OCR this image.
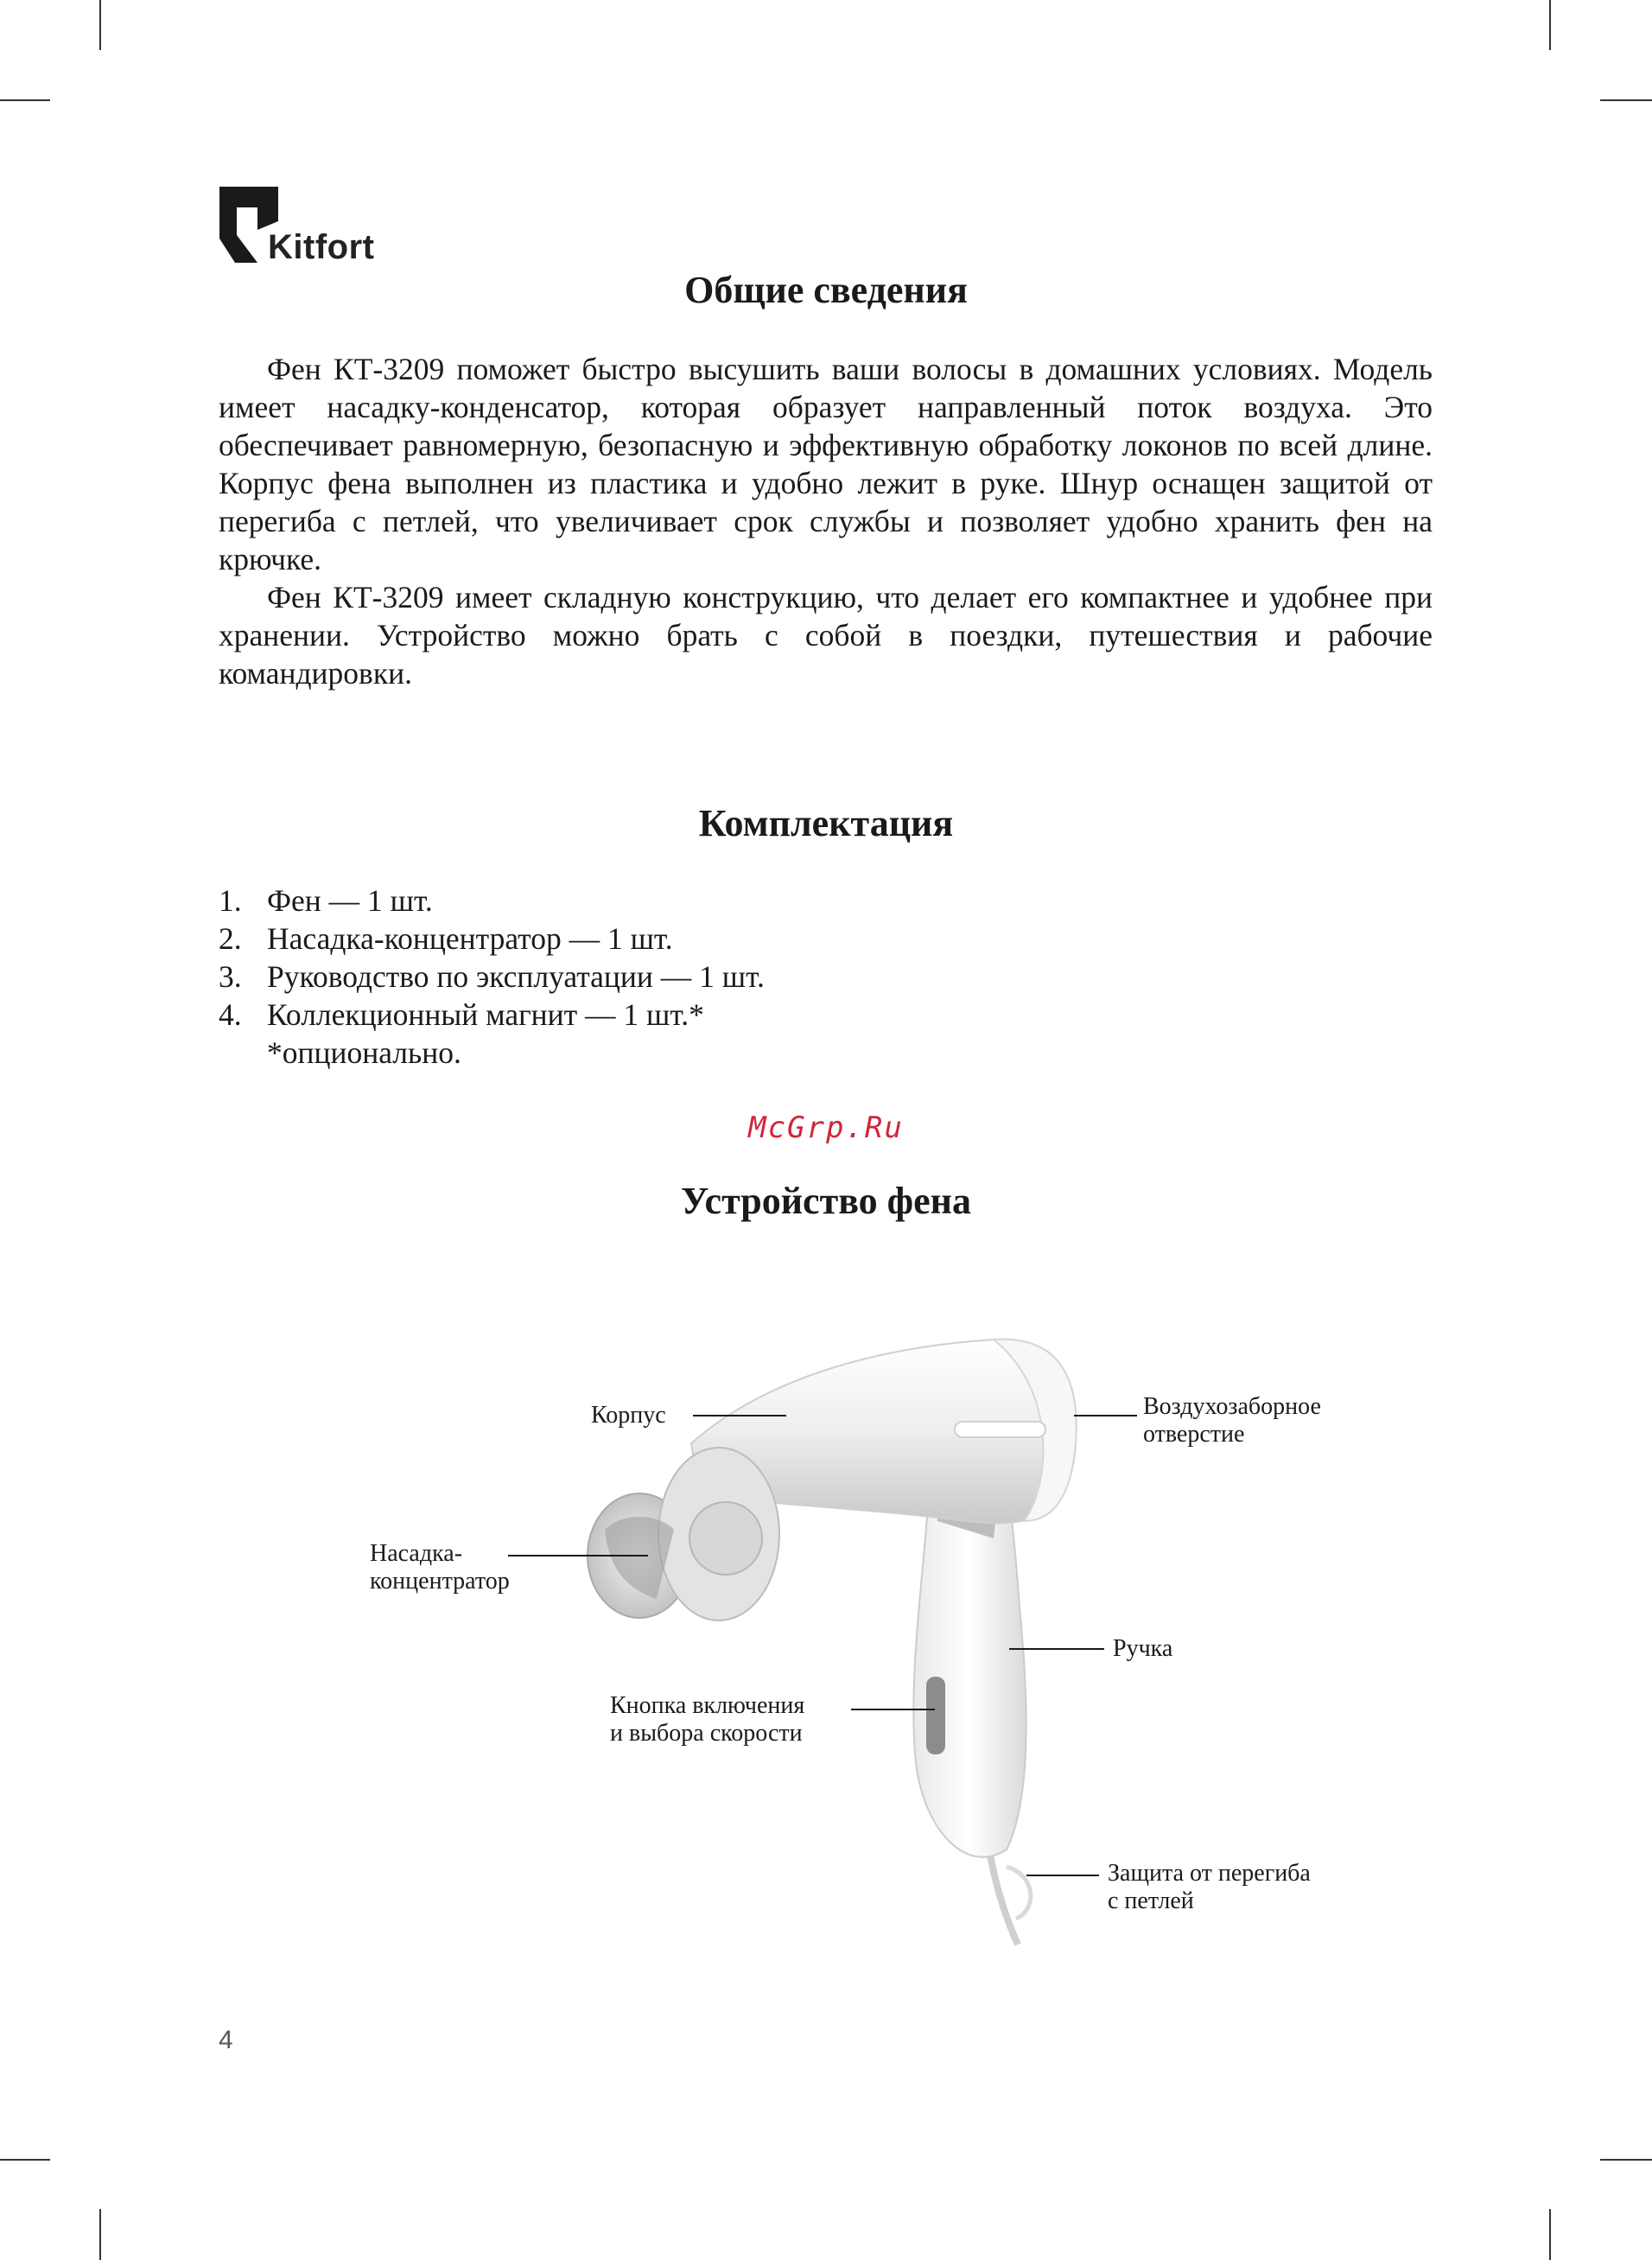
Kitfort
Общие сведения

Фен КТ-3209 поможет быстро высушить ваши волосы в домашних условиях. Модель имеет насадку-конденсатор, которая образует направленный поток воздуха. Это обеспечивает равномерную, безопасную и эффективную обработку локонов по всей длине. Корпус фена выполнен из пластика и удобно лежит в руке. Шнур оснащен защитой от перегиба с петлей, что увеличивает срок службы и позволяет удобно хранить фен на крючке.

Фен КТ-3209 имеет складную конструкцию, что делает его компактнее и удобнее при хранении. Устройство можно брать с собой в поездки, путешествия и рабочие командировки.

Комплектация
1. Фен — 1 шт.
2. Насадка-концентратор — 1 шт.
3. Руководство по эксплуатации — 1 шт.
4. Коллекционный магнит — 1 шт.*
*опционально.
McGrp.Ru
Устройство фена
Корпус	Воздухозаборное
отверстие
Насадка-
концентратор
Ручка
Кнопка включения
и выбора скорости
Защита от перегиба
с петлей
4
